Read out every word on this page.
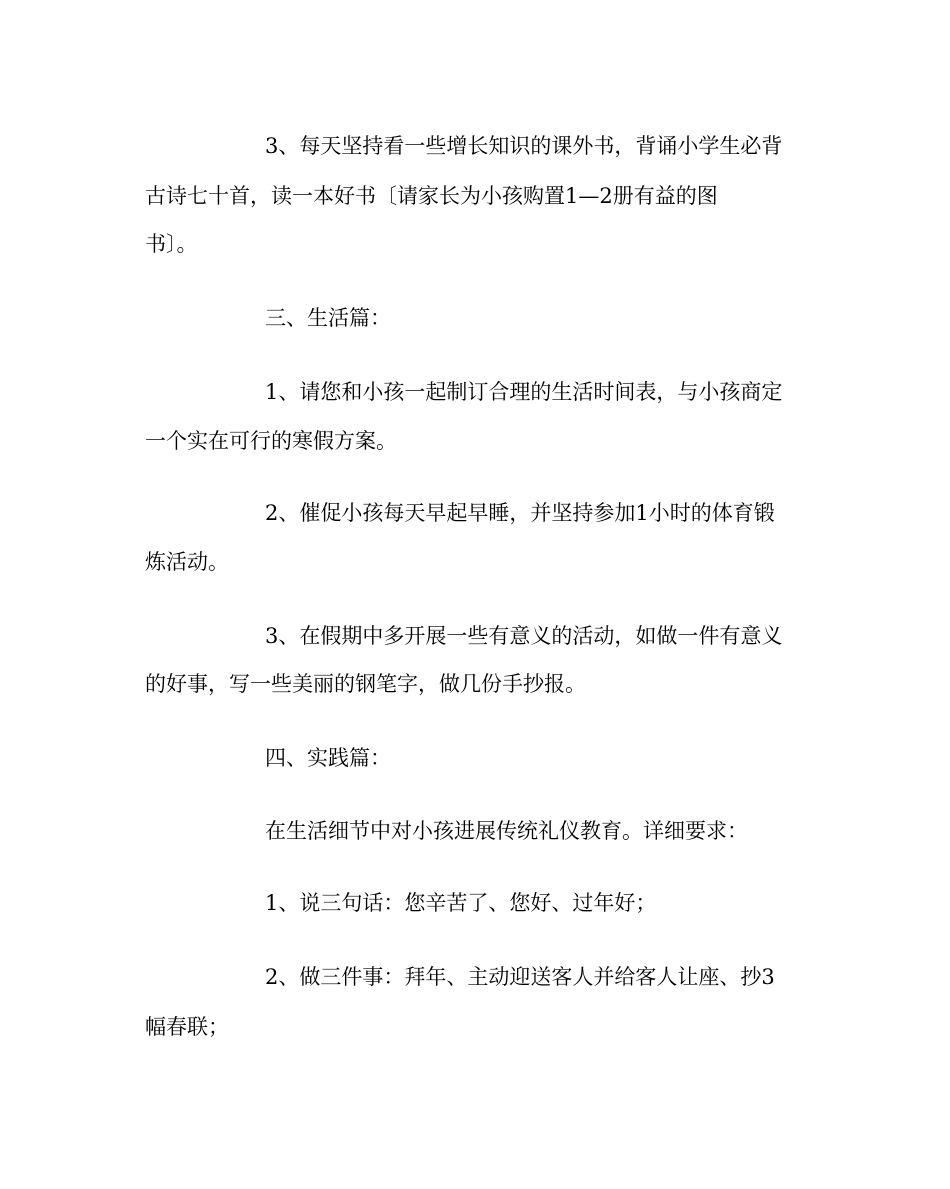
3、每天坚持看一些增长知识的课外书，背诵小学生必背

古诗七十首，读一本好书〔请家长为小孩购置1—2册有益的图

书〕。

三、生活篇：

1、请您和小孩一起制订合理的生活时间表，与小孩商定

一个实在可行的寒假方案。

2、催促小孩每天早起早睡，并坚持参加1小时的体育锻

炼活动。

3、在假期中多开展一些有意义的活动，如做一件有意义

的好事，写一些美丽的钢笔字，做几份手抄报。

四、实践篇：

在生活细节中对小孩进展传统礼仪教育。详细要求：

1、说三句话：您辛苦了、您好、过年好；

2、做三件事：拜年、主动迎送客人并给客人让座、抄3

幅春联；
